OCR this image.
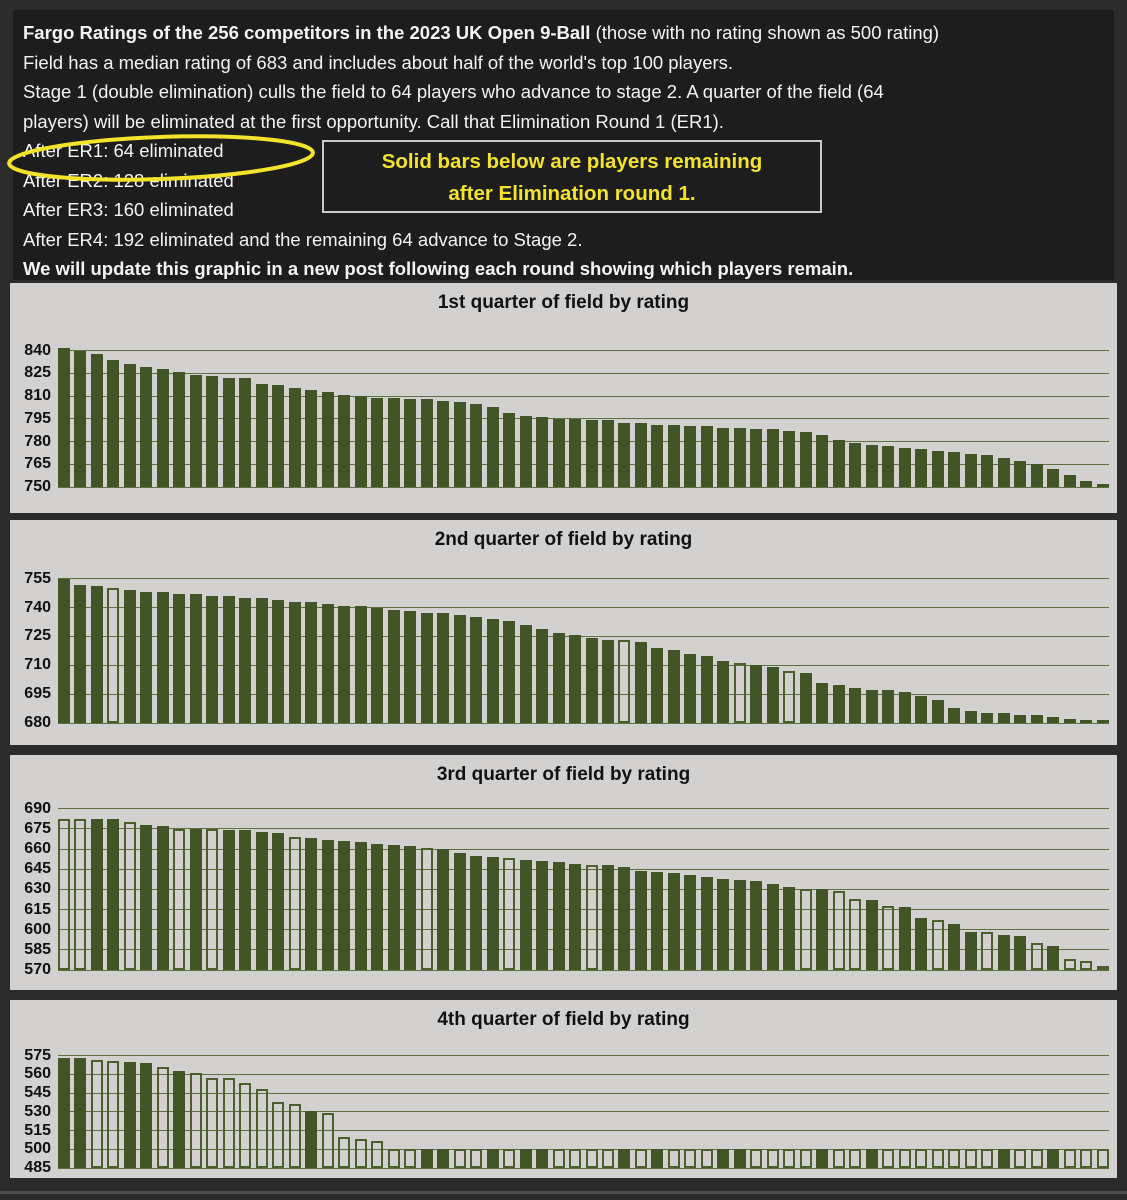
Fargo Ratings of the 256 competitors in the 2023 UK Open 9-Ball (those with no rating shown as 500 rating)
Field has a median rating of 683 and includes about half of the world's top 100 players.
Stage 1 (double elimination) culls the field to 64 players who advance to stage 2. A quarter of the field (64
players) will be eliminated at the first opportunity. Call that Elimination Round 1 (ER1).
After ER1: 64 eliminated
After ER2: 128 eliminated
After ER3: 160 eliminated
After ER4: 192 eliminated and the remaining 64 advance to Stage 2.
We will update this graphic in a new post following each round showing which players remain.
Solid bars below are players remaining
after Elimination round 1.
1st quarter of field by rating
840
825
810
795
780
765
750
2nd quarter of field by rating
755
740
725
710
695
680
3rd quarter of field by rating
690
675
660
645
630
615
600
585
570
4th quarter of field by rating
575
560
545
530
515
500
485
